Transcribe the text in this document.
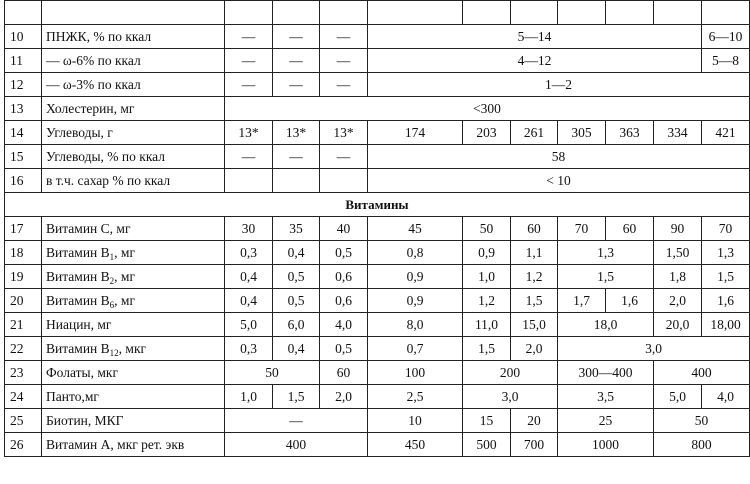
10	ПНЖК, % по ккал	—	—	—	5—14						6—10	
11	— ω-6% по ккал	—	—	—	4—12						5—8	
12	— ω-3% по ккал	—	—	—	1—2							
13	Холестерин, мг	<300										
14	Углеводы, г	13*	13*	13*	174	203	261	305	363	334	421	
15	Углеводы, % по ккал	—	—	—	58							
16	в т.ч. сахар % по ккал				< 10							
Витамины												
17	Витамин С, мг	30	35	40	45	50	60	70	60	90	70	
18	Витамин $B_1$, мг	0,3	0,4	0,5	0,8	0,9	1,1	1,3		1,50	1,3	
19	Витамин $B_2$, мг	0,4	0,5	0,6	0,9	1,0	1,2	1,5		1,8	1,5	
20	Витамин $B_6$, мг	0,4	0,5	0,6	0,9	1,2	1,5	1,7	1,6	2,0	1,6	
21	Ниацин, мг	5,0	6,0	4,0	8,0	11,0	15,0	18,0		20,0	18,00	
22	Витамин $B_{12}$, мкг	0,3	0,4	0,5	0,7	1,5	2,0	3,0				
23	Фолаты, мкг	50		60	100	200		300—400		400		
24	Панто,мг	1,0	1,5	2,0	2,5	3,0		3,5		5,0	4,0	
25	Биотин, МКГ	—			10	15	20	25		50		
26	Витамин А, мкг рет. экв	400			450	500	700	1000		800		
